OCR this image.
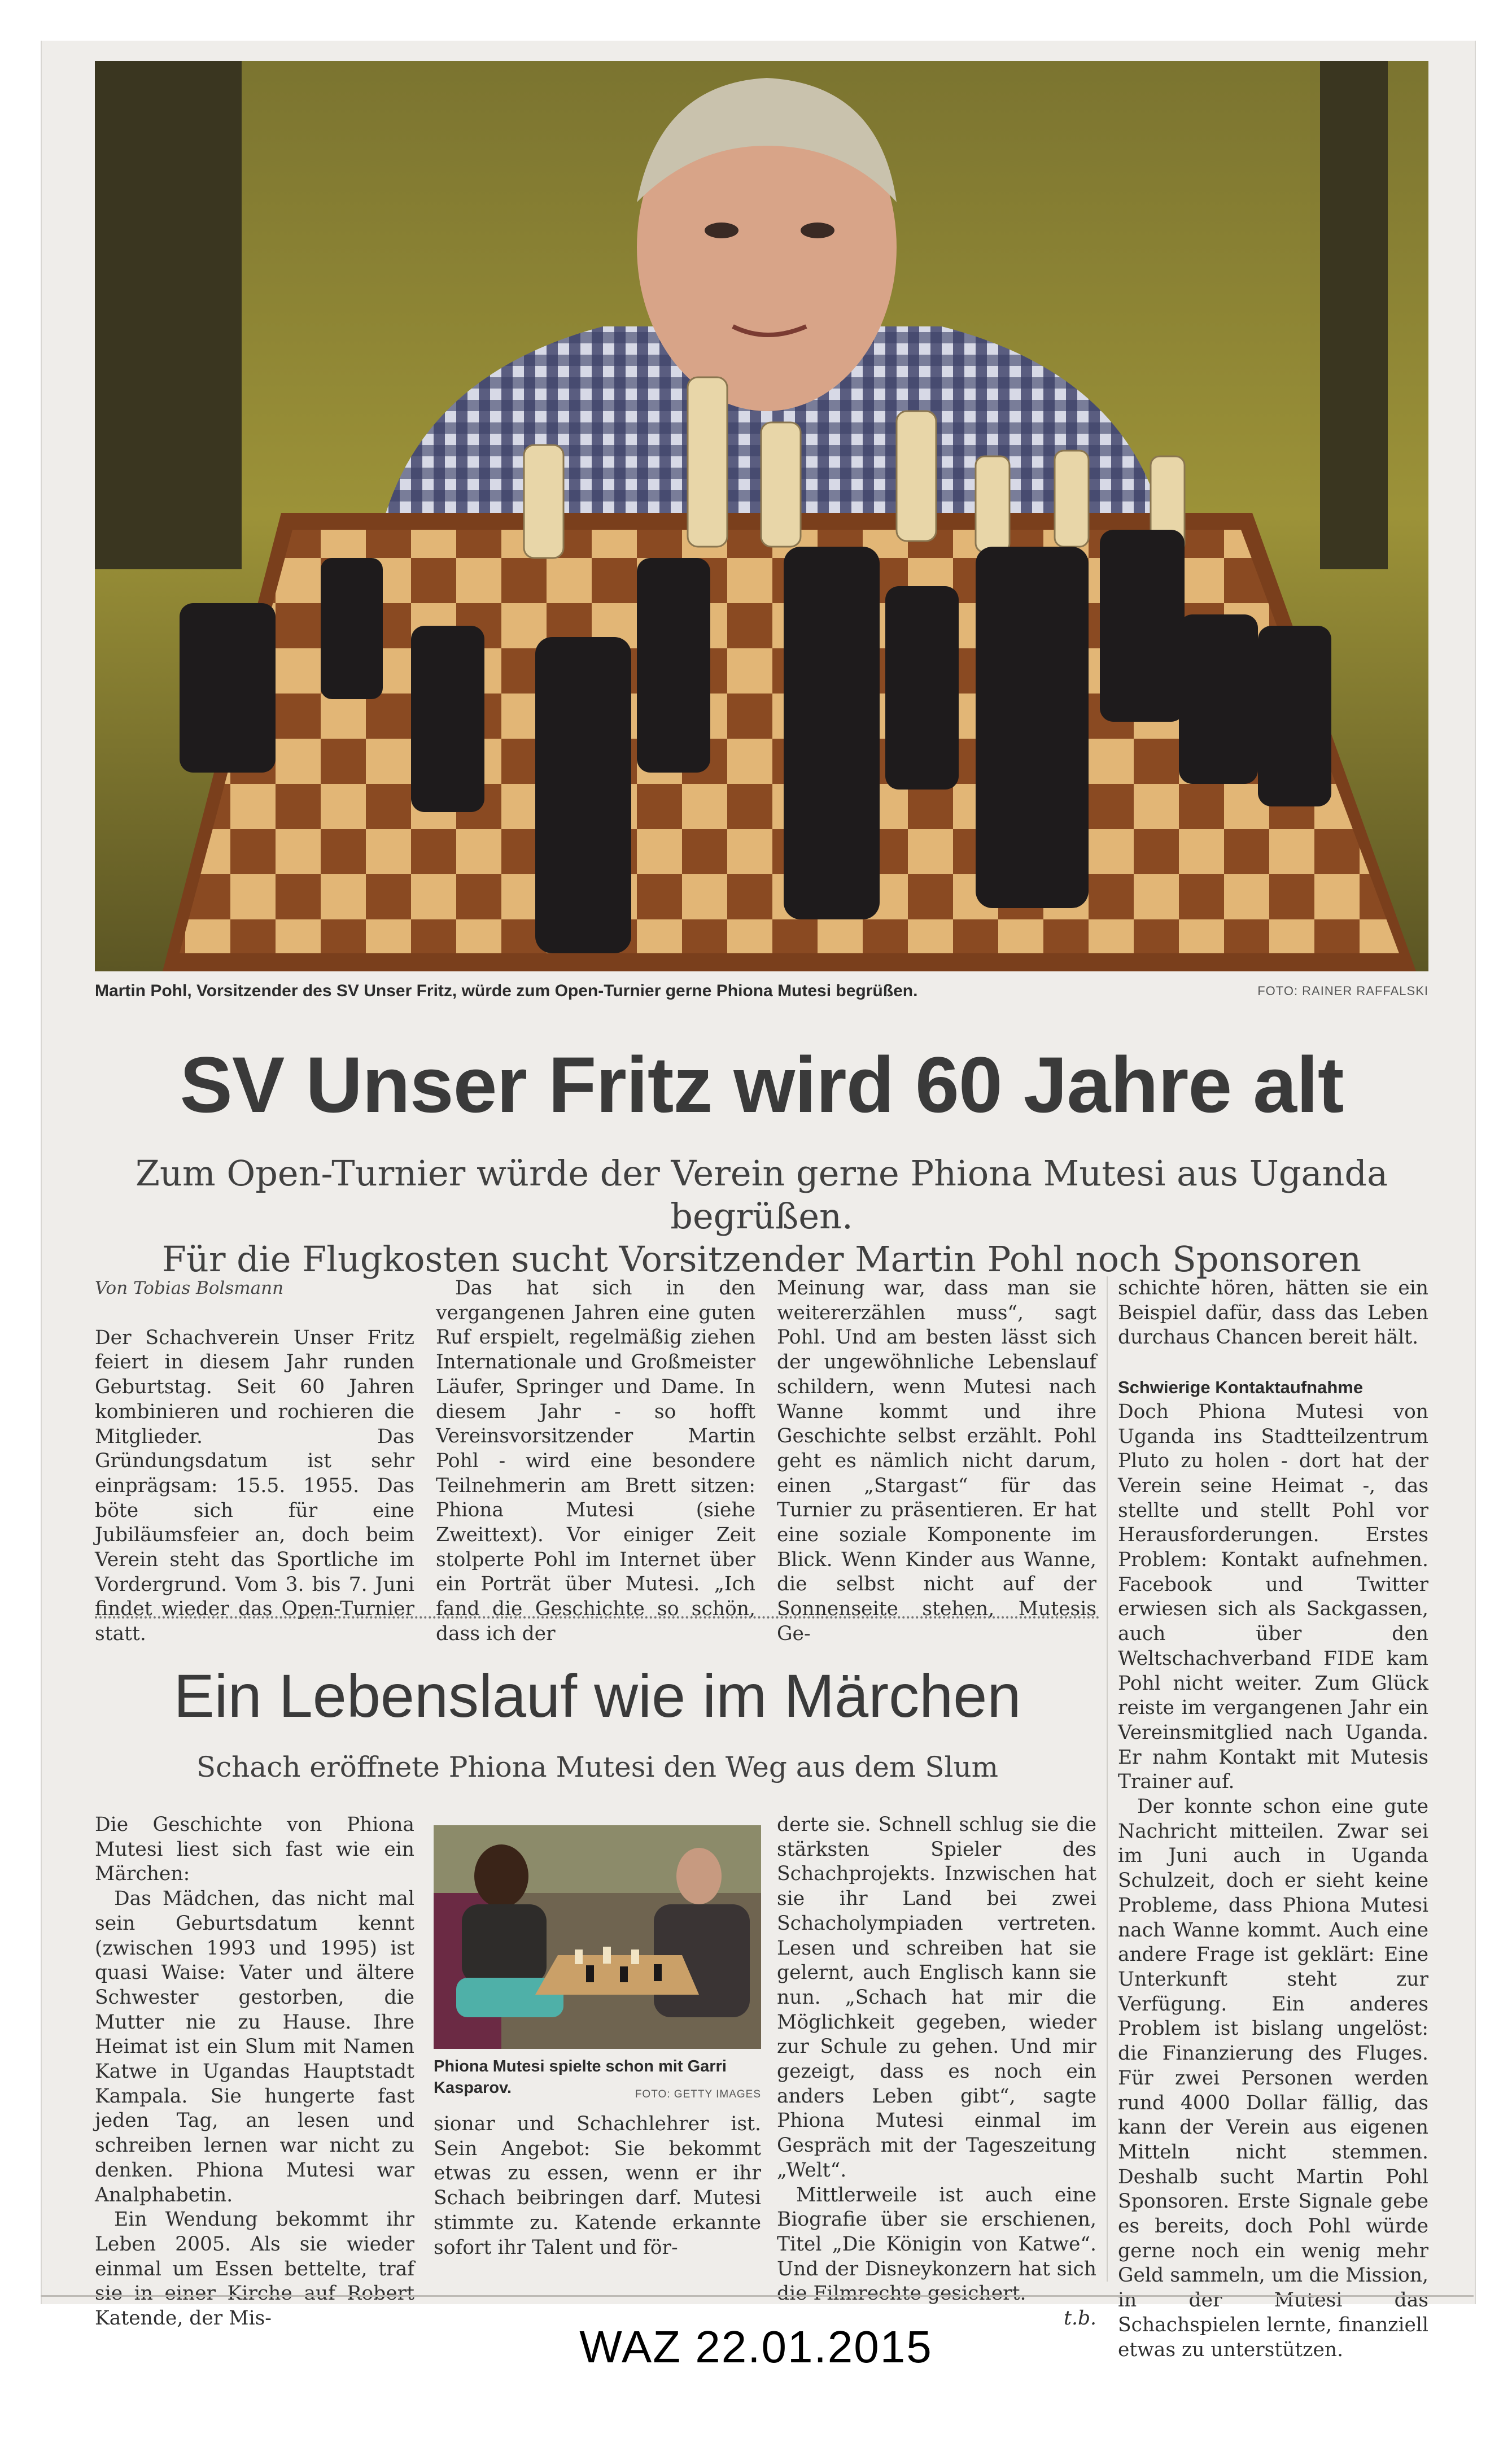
Martin Pohl, Vorsitzender des SV Unser Fritz, würde zum Open-Turnier gerne Phiona Mutesi begrüßen.	FOTO: RAINER RAFFALSKI
SV Unser Fritz wird 60 Jahre alt
Zum Open-Turnier würde der Verein gerne Phiona Mutesi aus Uganda begrüßen.
Für die Flugkosten sucht Vorsitzender Martin Pohl noch Sponsoren

Von Tobias Bolsmann

Der Schachverein Unser Fritz feiert in diesem Jahr runden Geburtstag. Seit 60 Jahren kombinieren und rochieren die Mitglieder. Das Gründungsdatum ist sehr einprägsam: 15.5. 1955. Das böte sich für eine Jubiläumsfeier an, doch beim Verein steht das Sportliche im Vordergrund. Vom 3. bis 7. Juni findet wieder das Open-Turnier statt.

Das hat sich in den vergangenen Jahren eine guten Ruf erspielt, regelmäßig ziehen Internationale und Großmeister Läufer, Springer und Dame. In diesem Jahr - so hofft Vereinsvorsitzender Martin Pohl - wird eine besondere Teilnehmerin am Brett sitzen: Phiona Mutesi (siehe Zweittext). Vor einiger Zeit stolperte Pohl im Internet über ein Porträt über Mutesi. „Ich fand die Geschichte so schön, dass ich der

Meinung war, dass man sie weitererzählen muss“, sagt Pohl. Und am besten lässt sich der ungewöhnliche Lebenslauf schildern, wenn Mutesi nach Wanne kommt und ihre Geschichte selbst erzählt. Pohl geht es nämlich nicht darum, einen „Stargast“ für das Turnier zu präsentieren. Er hat eine soziale Komponente im Blick. Wenn Kinder aus Wanne, die selbst nicht auf der Sonnenseite stehen, Mutesis Ge-

schichte hören, hätten sie ein Beispiel dafür, dass das Leben durchaus Chancen bereit hält.

Schwierige Kontaktaufnahme

Doch Phiona Mutesi von Uganda ins Stadtteilzentrum Pluto zu holen - dort hat der Verein seine Heimat -, das stellte und stellt Pohl vor Herausforderungen. Erstes Problem: Kontakt aufnehmen. Facebook und Twitter erwiesen sich als Sackgassen, auch über den Weltschachverband FIDE kam Pohl nicht weiter. Zum Glück reiste im vergangenen Jahr ein Vereinsmitglied nach Uganda. Er nahm Kontakt mit Mutesis Trainer auf.

Der konnte schon eine gute Nachricht mitteilen. Zwar sei im Juni auch in Uganda Schulzeit, doch er sieht keine Probleme, dass Phiona Mutesi nach Wanne kommt. Auch eine andere Frage ist geklärt: Eine Unterkunft steht zur Verfügung. Ein anderes Problem ist bislang ungelöst: die Finanzierung des Fluges. Für zwei Personen werden rund 4000 Dollar fällig, das kann der Verein aus eigenen Mitteln nicht stemmen. Deshalb sucht Martin Pohl Sponsoren. Erste Signale gebe es bereits, doch Pohl würde gerne noch ein wenig mehr Geld sammeln, um die Mission, in der Mutesi das Schachspielen lernte, finanziell etwas zu unterstützen.

Ein Lebenslauf wie im Märchen
Schach eröffnete Phiona Mutesi den Weg aus dem Slum

Die Geschichte von Phiona Mutesi liest sich fast wie ein Märchen:

Das Mädchen, das nicht mal sein Geburtsdatum kennt (zwischen 1993 und 1995) ist quasi Waise: Vater und ältere Schwester gestorben, die Mutter nie zu Hause. Ihre Heimat ist ein Slum mit Namen Katwe in Ugandas Hauptstadt Kampala. Sie hungerte fast jeden Tag, an lesen und schreiben lernen war nicht zu denken. Phiona Mutesi war Analphabetin.

Ein Wendung bekommt ihr Leben 2005. Als sie wieder einmal um Essen bettelte, traf sie in einer Kirche auf Robert Katende, der Mis-

Phiona Mutesi spielte schon mit Garri Kasparov.	FOTO: GETTY IMAGES

sionar und Schachlehrer ist. Sein Angebot: Sie bekommt etwas zu essen, wenn er ihr Schach beibringen darf. Mutesi stimmte zu. Katende erkannte sofort ihr Talent und för-

derte sie. Schnell schlug sie die stärksten Spieler des Schachprojekts. Inzwischen hat sie ihr Land bei zwei Schacholympiaden vertreten. Lesen und schreiben hat sie gelernt, auch Englisch kann sie nun. „Schach hat mir die Möglichkeit gegeben, wieder zur Schule zu gehen. Und mir gezeigt, dass es noch ein anders Leben gibt“, sagte Phiona Mutesi einmal im Gespräch mit der Tageszeitung „Welt“.

Mittlerweile ist auch eine Biografie über sie erschienen, Titel „Die Königin von Katwe“. Und der Disneykonzern hat sich die Filmrechte gesichert.

t.b.

WAZ 22.01.2015
